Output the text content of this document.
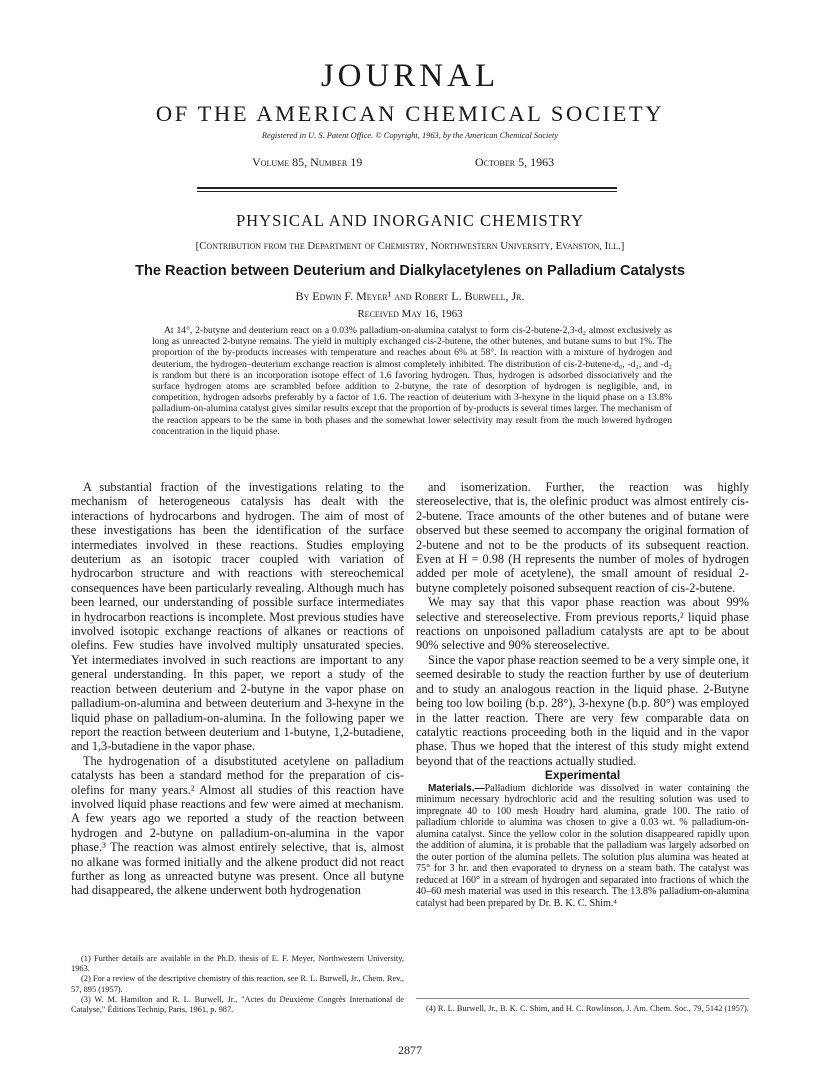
JOURNAL
OF THE AMERICAN CHEMICAL SOCIETY
Registered in U. S. Patent Office. © Copyright, 1963, by the American Chemical Society
Volume 85, Number 19	October 5, 1963
PHYSICAL AND INORGANIC CHEMISTRY
[Contribution from the Department of Chemistry, Northwestern University, Evanston, Ill.]
The Reaction between Deuterium and Dialkylacetylenes on Palladium Catalysts
By Edwin F. Meyer¹ and Robert L. Burwell, Jr.
Received May 16, 1963
At 14°, 2-butyne and deuterium react on a 0.03% palladium-on-alumina catalyst to form cis-2-butene-2,3-d₂ almost exclusively as long as unreacted 2-butyne remains. The yield in multiply exchanged cis-2-butene, the other butenes, and butane sums to but 1%. The proportion of the by-products increases with temperature and reaches about 6% at 58°. In reaction with a mixture of hydrogen and deuterium, the hydrogen–deuterium exchange reaction is almost completely inhibited. The distribution of cis-2-butene-d₀, -d₁, and -d₂ is random but there is an incorporation isotope effect of 1.6 favoring hydrogen. Thus, hydrogen is adsorbed dissociatively and the surface hydrogen atoms are scrambled before addition to 2-butyne, the rate of desorption of hydrogen is negligible, and, in competition, hydrogen adsorbs preferably by a factor of 1.6. The reaction of deuterium with 3-hexyne in the liquid phase on a 13.8% palladium-on-alumina catalyst gives similar results except that the proportion of by-products is several times larger. The mechanism of the reaction appears to be the same in both phases and the somewhat lower selectivity may result from the much lowered hydrogen concentration in the liquid phase.

A substantial fraction of the investigations relating to the mechanism of heterogeneous catalysis has dealt with the interactions of hydrocarbons and hydrogen. The aim of most of these investigations has been the identification of the surface intermediates involved in these reactions. Studies employing deuterium as an isotopic tracer coupled with variation of hydrocarbon structure and with reactions with stereochemical consequences have been particularly revealing. Although much has been learned, our understanding of possible surface intermediates in hydrocarbon reactions is incomplete. Most previous studies have involved isotopic exchange reactions of alkanes or reactions of olefins. Few studies have involved multiply unsaturated species. Yet intermediates involved in such reactions are important to any general understanding. In this paper, we report a study of the reaction between deuterium and 2-butyne in the vapor phase on palladium-on-alumina and between deuterium and 3-hexyne in the liquid phase on palladium-on-alumina. In the following paper we report the reaction between deuterium and 1-butyne, 1,2-butadiene, and 1,3-butadiene in the vapor phase.

The hydrogenation of a disubstituted acetylene on palladium catalysts has been a standard method for the preparation of cis-olefins for many years.² Almost all studies of this reaction have involved liquid phase reactions and few were aimed at mechanism. A few years ago we reported a study of the reaction between hydrogen and 2-butyne on palladium-on-alumina in the vapor phase.³ The reaction was almost entirely selective, that is, almost no alkane was formed initially and the alkene product did not react further as long as unreacted butyne was present. Once all butyne had disappeared, the alkene underwent both hydrogenation

and isomerization. Further, the reaction was highly stereoselective, that is, the olefinic product was almost entirely cis-2-butene. Trace amounts of the other butenes and of butane were observed but these seemed to accompany the original formation of 2-butene and not to be the products of its subsequent reaction. Even at H = 0.98 (H represents the number of moles of hydrogen added per mole of acetylene), the small amount of residual 2-butyne completely poisoned subsequent reaction of cis-2-butene.

We may say that this vapor phase reaction was about 99% selective and stereoselective. From previous reports,² liquid phase reactions on unpoisoned palladium catalysts are apt to be about 90% selective and 90% stereoselective.

Since the vapor phase reaction seemed to be a very simple one, it seemed desirable to study the reaction further by use of deuterium and to study an analogous reaction in the liquid phase. 2-Butyne being too low boiling (b.p. 28°), 3-hexyne (b.p. 80°) was employed in the latter reaction. There are very few comparable data on catalytic reactions proceeding both in the liquid and in the vapor phase. Thus we hoped that the interest of this study might extend beyond that of the reactions actually studied.

Experimental

Materials.—Palladium dichloride was dissolved in water containing the minimum necessary hydrochloric acid and the resulting solution was used to impregnate 40 to 100 mesh Houdry hard alumina, grade 100. The ratio of palladium chloride to alumina was chosen to give a 0.03 wt. % palladium-on-alumina catalyst. Since the yellow color in the solution disappeared rapidly upon the addition of alumina, it is probable that the palladium was largely adsorbed on the outer portion of the alumina pellets. The solution plus alumina was heated at 75° for 3 hr. and then evaporated to dryness on a steam bath. The catalyst was reduced at 160° in a stream of hydrogen and separated into fractions of which the 40–60 mesh material was used in this research. The 13.8% palladium-on-alumina catalyst had been prepared by Dr. B. K. C. Shim.⁴

(1) Further details are available in the Ph.D. thesis of E. F. Meyer, Northwestern University, 1963.

(2) For a review of the descriptive chemistry of this reaction, see R. L. Burwell, Jr., Chem. Rev., 57, 895 (1957).

(3) W. M. Hamilton and R. L. Burwell, Jr., "Actes du Deuxième Congrès International de Catalyse," Éditions Technip, Paris, 1961, p. 987.	(4) R. L. Burwell, Jr., B. K. C. Shim, and H. C. Rowlinson, J. Am. Chem. Soc., 79, 5142 (1957).

2877
